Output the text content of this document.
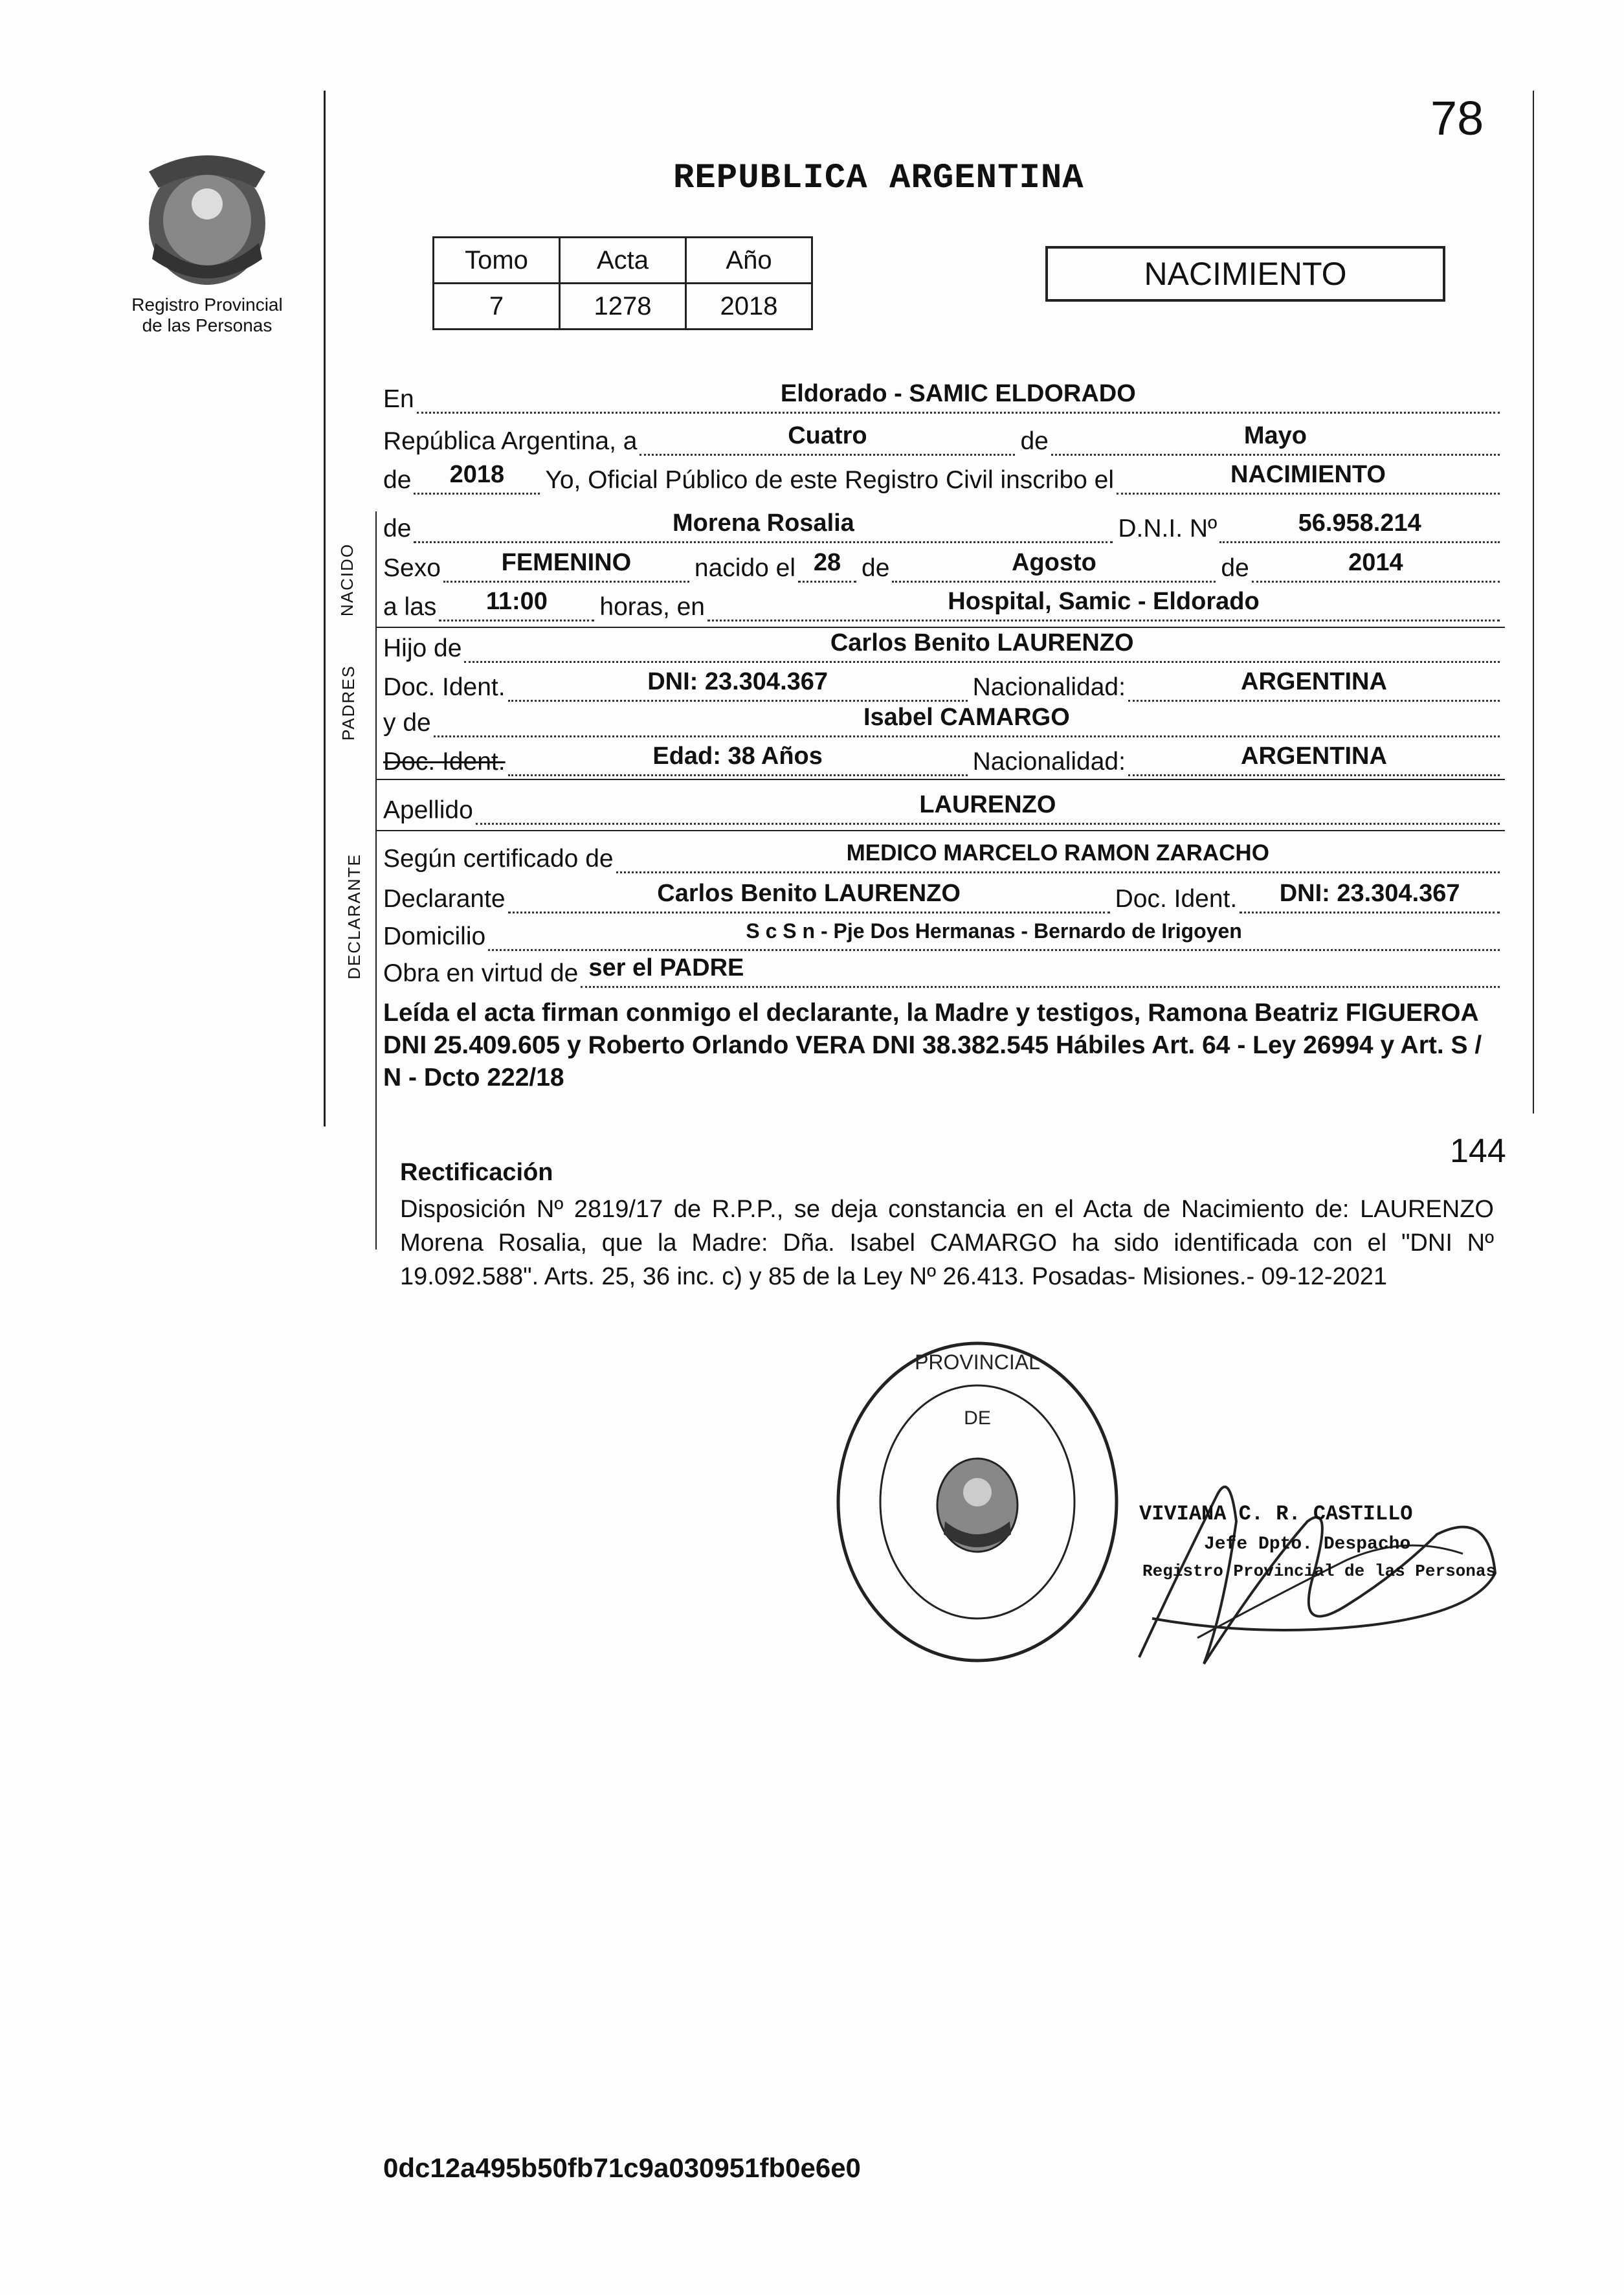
Registro Provincial
de las Personas
78
REPUBLICA ARGENTINA
Tomo	Acta	Año
7	1278	2018
NACIMIENTO
En	Eldorado - SAMIC ELDORADO
República Argentina, a	Cuatro	de	Mayo
de	2018	Yo, Oficial Público de este Registro Civil inscribo el	NACIMIENTO
NACIDO
de	Morena Rosalia	D.N.I. Nº	56.958.214
Sexo	FEMENINO	nacido el 28 de	Agosto	de	2014
a las	11:00	horas, en	Hospital, Samic - Eldorado
PADRES
Hijo de	Carlos Benito LAURENZO
Doc. Ident.	DNI: 23.304.367	Nacionalidad:	ARGENTINA
y de	Isabel CAMARGO
Doc. Ident.	Edad: 38 Años	Nacionalidad:	ARGENTINA
Apellido	LAURENZO
DECLARANTE Según certificado de	MEDICO MARCELO RAMON ZARACHO
Declarante	Carlos Benito LAURENZO	Doc. Ident.	DNI: 23.304.367
Domicilio	S c S n - Pje Dos Hermanas - Bernardo de Irigoyen
Obra en virtud de ser el PADRE
Leída el acta firman conmigo el declarante, la Madre y testigos, Ramona Beatriz FIGUEROA DNI 25.409.605 y Roberto Orlando VERA DNI 38.382.545 Hábiles Art. 64 - Ley 26994 y Art. S / N - Dcto 222/18
144
Rectificación
Disposición Nº 2819/17 de R.P.P., se deja constancia en el Acta de Nacimiento de: LAURENZO Morena Rosalia, que la Madre: Dña. Isabel CAMARGO ha sido identificada con el "DNI Nº 19.092.588". Arts. 25, 36 inc. c) y 85 de la Ley Nº 26.413. Posadas- Misiones.- 09-12-2021
PROVINCIAL
DE
VIVIANA C. R. CASTILLO
Jefe Dpto. Despacho
Registro Provincial de las Personas
0dc12a495b50fb71c9a030951fb0e6e0
